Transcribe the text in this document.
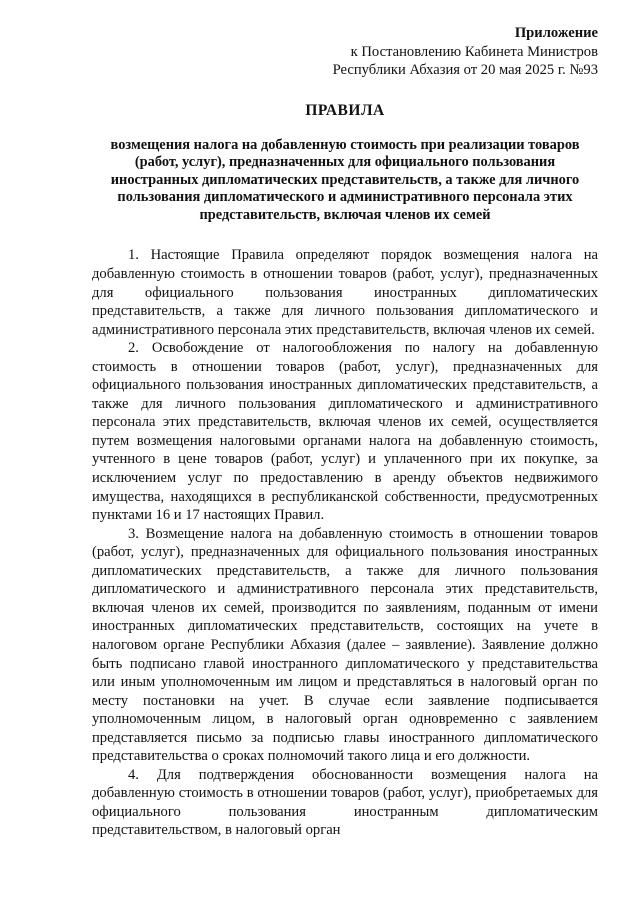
Приложение
к Постановлению Кабинета Министров
Республики Абхазия от 20 мая 2025 г. №93
ПРАВИЛА
возмещения налога на добавленную стоимость при реализации товаров (работ, услуг), предназначенных для официального пользования иностранных дипломатических представительств, а также для личного пользования дипломатического и административного персонала этих представительств, включая членов их семей

1. Настоящие Правила определяют порядок возмещения налога на добавленную стоимость в отношении товаров (работ, услуг), предназначенных для официального пользования иностранных дипломатических представительств, а также для личного пользования дипломатического и административного персонала этих представительств, включая членов их семей.

2. Освобождение от налогообложения по налогу на добавленную стоимость в отношении товаров (работ, услуг), предназначенных для официального пользования иностранных дипломатических представительств, а также для личного пользования дипломатического и административного персонала этих представительств, включая членов их семей, осуществляется путем возмещения налоговыми органами налога на добавленную стоимость, учтенного в цене товаров (работ, услуг) и уплаченного при их покупке, за исключением услуг по предоставлению в аренду объектов недвижимого имущества, находящихся в республиканской собственности, предусмотренных пунктами 16 и 17 настоящих Правил.

3. Возмещение налога на добавленную стоимость в отношении товаров (работ, услуг), предназначенных для официального пользования иностранных дипломатических представительств, а также для личного пользования дипломатического и административного персонала этих представительств, включая членов их семей, производится по заявлениям, поданным от имени иностранных дипломатических представительств, состоящих на учете в налоговом органе Республики Абхазия (далее – заявление). Заявление должно быть подписано главой иностранного дипломатического у представительства или иным уполномоченным им лицом и представляться в налоговый орган по месту постановки на учет. В случае если заявление подписывается уполномоченным лицом, в налоговый орган одновременно с заявлением представляется письмо за подписью главы иностранного дипломатического представительства о сроках полномочий такого лица и его должности.

4. Для подтверждения обоснованности возмещения налога на добавленную стоимость в отношении товаров (работ, услуг), приобретаемых для официального пользования иностранным дипломатическим представительством, в налоговый орган
